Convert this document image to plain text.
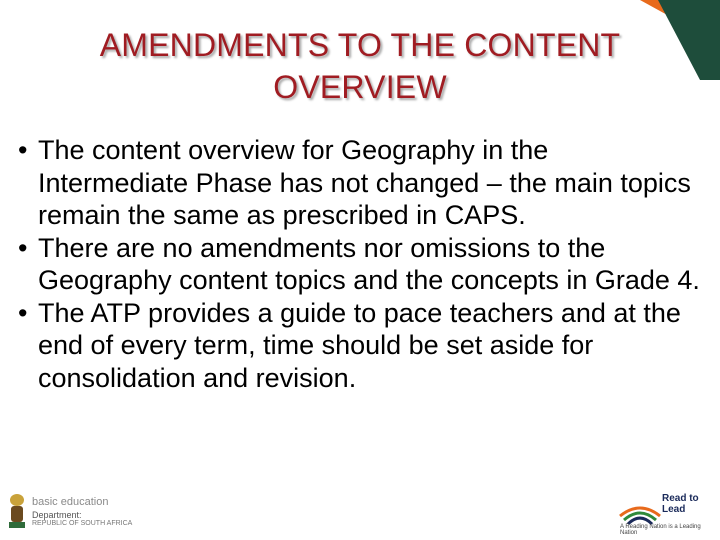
AMENDMENTS TO THE CONTENT
OVERVIEW
• The content overview for Geography in the Intermediate Phase has not changed – the main topics remain the same as prescribed in CAPS.
• There are no amendments nor omissions to the Geography content topics and the concepts in Grade 4.
• The ATP provides a guide to pace teachers and at the end of every term, time should be set aside for consolidation and revision.
basic education
Department:
REPUBLIC OF SOUTH AFRICA
Read to Lead
A Reading Nation is a Leading Nation
